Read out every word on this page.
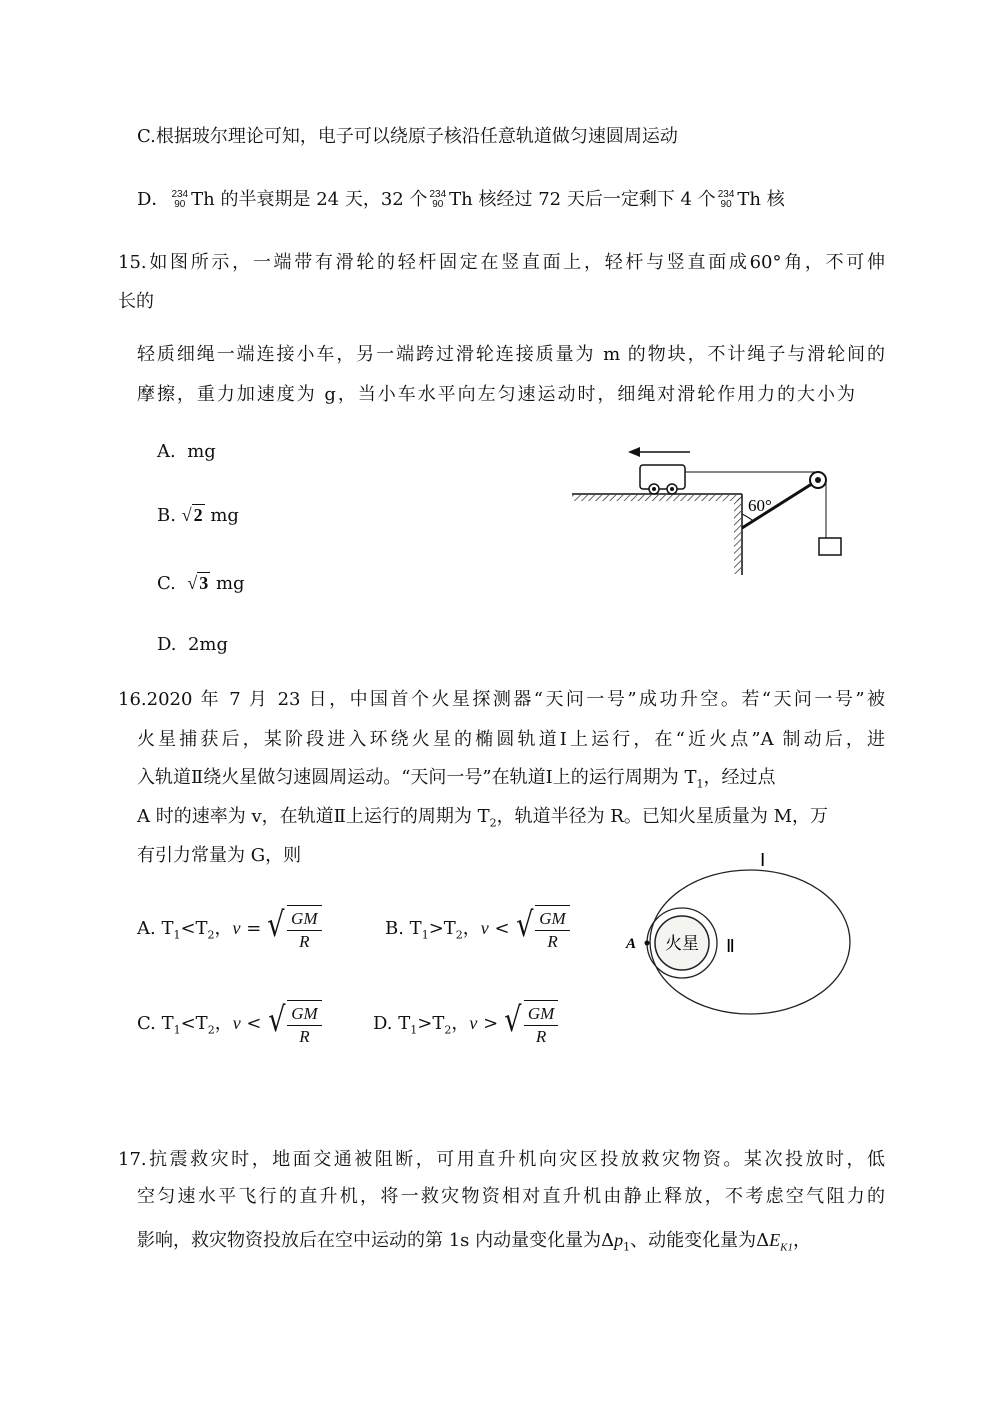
C.根据玻尔理论可知，电子可以绕原子核沿任意轨道做匀速圆周运动
D． 234
90 Th 的半衰期是 24 天，32 个 234
90 Th 核经过 72 天后一定剩下 4 个 234
90 Th 核
15.如图所示，一端带有滑轮的轻杆固定在竖直面上，轻杆与竖直面成60°角，不可伸
长的
轻质细绳一端连接小车，另一端跨过滑轮连接质量为 m 的物块，不计绳子与滑轮间的
摩擦，重力加速度为 g，当小车水平向左匀速运动时，细绳对滑轮作用力的大小为
A. mg
B. √ 2 mg
C. √ 3 mg
D. 2mg
60°
16.2020 年 7 月 23 日，中国首个火星探测器“天问一号”成功升空。若“天问一号”被
火星捕获后，某阶段进入环绕火星的椭圆轨道Ⅰ上运行，在“近火点”A 制动后，进
入轨道Ⅱ绕火星做匀速圆周运动。“天问一号”在轨道Ⅰ上的运行周期为 $T_1$，经过点
A 时的速率为 v，在轨道Ⅱ上运行的周期为 $T_2$，轨道半径为 R。已知火星质量为 M，万
有引力常量为 G，则
A. $T_1<T_2$，v = √ $\frac{GM}{R}$	B. $T_1>T_2$，v < √ $\frac{GM}{R}$
C. $T_1<T_2$，v < √ $\frac{GM}{R}$	D. $T_1>T_2$，v > √ $\frac{GM}{R}$
火星
A	Ⅱ
Ⅰ
17.抗震救灾时，地面交通被阻断，可用直升机向灾区投放救灾物资。某次投放时，低
空匀速水平飞行的直升机，将一救灾物资相对直升机由静止释放，不考虑空气阻力的
影响，救灾物资投放后在空中运动的第 1s 内动量变化量为$\Delta p_1$、动能变化量为$\Delta E_{K1}$，
